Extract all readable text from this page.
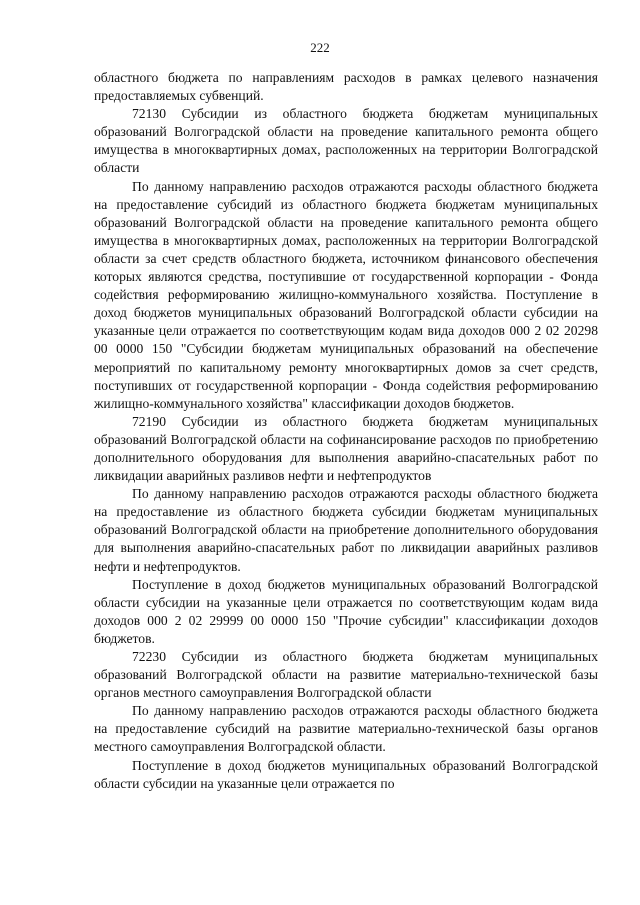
222

областного бюджета по направлениям расходов в рамках целевого назначения предоставляемых субвенций.

72130 Субсидии из областного бюджета бюджетам муниципальных образований Волгоградской области на проведение капитального ремонта общего имущества в многоквартирных домах, расположенных на территории Волгоградской области

По данному направлению расходов отражаются расходы областного бюджета на предоставление субсидий из областного бюджета бюджетам муниципальных образований Волгоградской области на проведение капитального ремонта общего имущества в многоквартирных домах, расположенных на территории Волгоградской области за счет средств областного бюджета, источником финансового обеспечения которых являются средства, поступившие от государственной корпорации - Фонда содействия реформированию жилищно-коммунального хозяйства. Поступление в доход бюджетов муниципальных образований Волгоградской области субсидии на указанные цели отражается по соответствующим кодам вида доходов 000 2 02 20298 00 0000 150 "Субсидии бюджетам муниципальных образований на обеспечение мероприятий по капитальному ремонту многоквартирных домов за счет средств, поступивших от государственной корпорации - Фонда содействия реформированию жилищно-коммунального хозяйства" классификации доходов бюджетов.

72190 Субсидии из областного бюджета бюджетам муниципальных образований Волгоградской области на софинансирование расходов по приобретению дополнительного оборудования для выполнения аварийно-спасательных работ по ликвидации аварийных разливов нефти и нефтепродуктов

По данному направлению расходов отражаются расходы областного бюджета на предоставление из областного бюджета субсидии бюджетам муниципальных образований Волгоградской области на приобретение дополнительного оборудования для выполнения аварийно-спасательных работ по ликвидации аварийных разливов нефти и нефтепродуктов.

Поступление в доход бюджетов муниципальных образований Волгоградской области субсидии на указанные цели отражается по соответствующим кодам вида доходов 000 2 02 29999 00 0000 150 "Прочие субсидии" классификации доходов бюджетов.

72230 Субсидии из областного бюджета бюджетам муниципальных образований Волгоградской области на развитие материально-технической базы органов местного самоуправления Волгоградской области

По данному направлению расходов отражаются расходы областного бюджета на предоставление субсидий на развитие материально-технической базы органов местного самоуправления Волгоградской области.

Поступление в доход бюджетов муниципальных образований Волгоградской области субсидии на указанные цели отражается по
